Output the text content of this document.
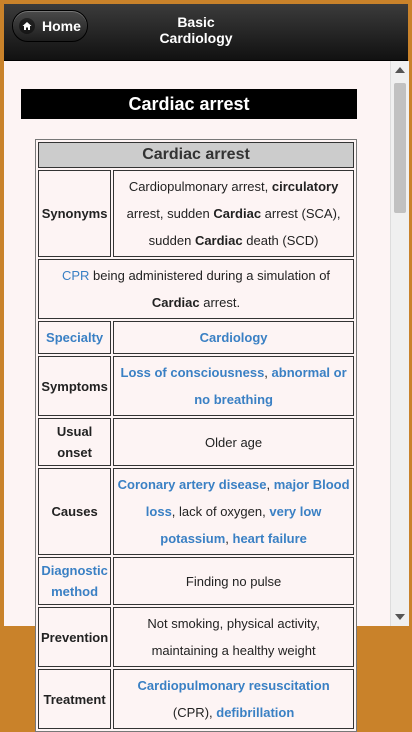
Home	Basic
Cardiology
Cardiac arrest
Cardiac arrest	
Synonyms	Cardiopulmonary arrest, circulatory arrest, sudden Cardiac arrest (SCA), sudden Cardiac death (SCD)
CPR being administered during a simulation of Cardiac arrest.	
Specialty	Cardiology
Symptoms	Loss of consciousness, abnormal or no breathing
Usual onset	Older age
Causes	Coronary artery disease, major Blood loss, lack of oxygen, very low potassium, heart failure
Diagnostic method	Finding no pulse
Prevention	Not smoking, physical activity, maintaining a healthy weight
Treatment	Cardiopulmonary resuscitation (CPR), defibrillation
